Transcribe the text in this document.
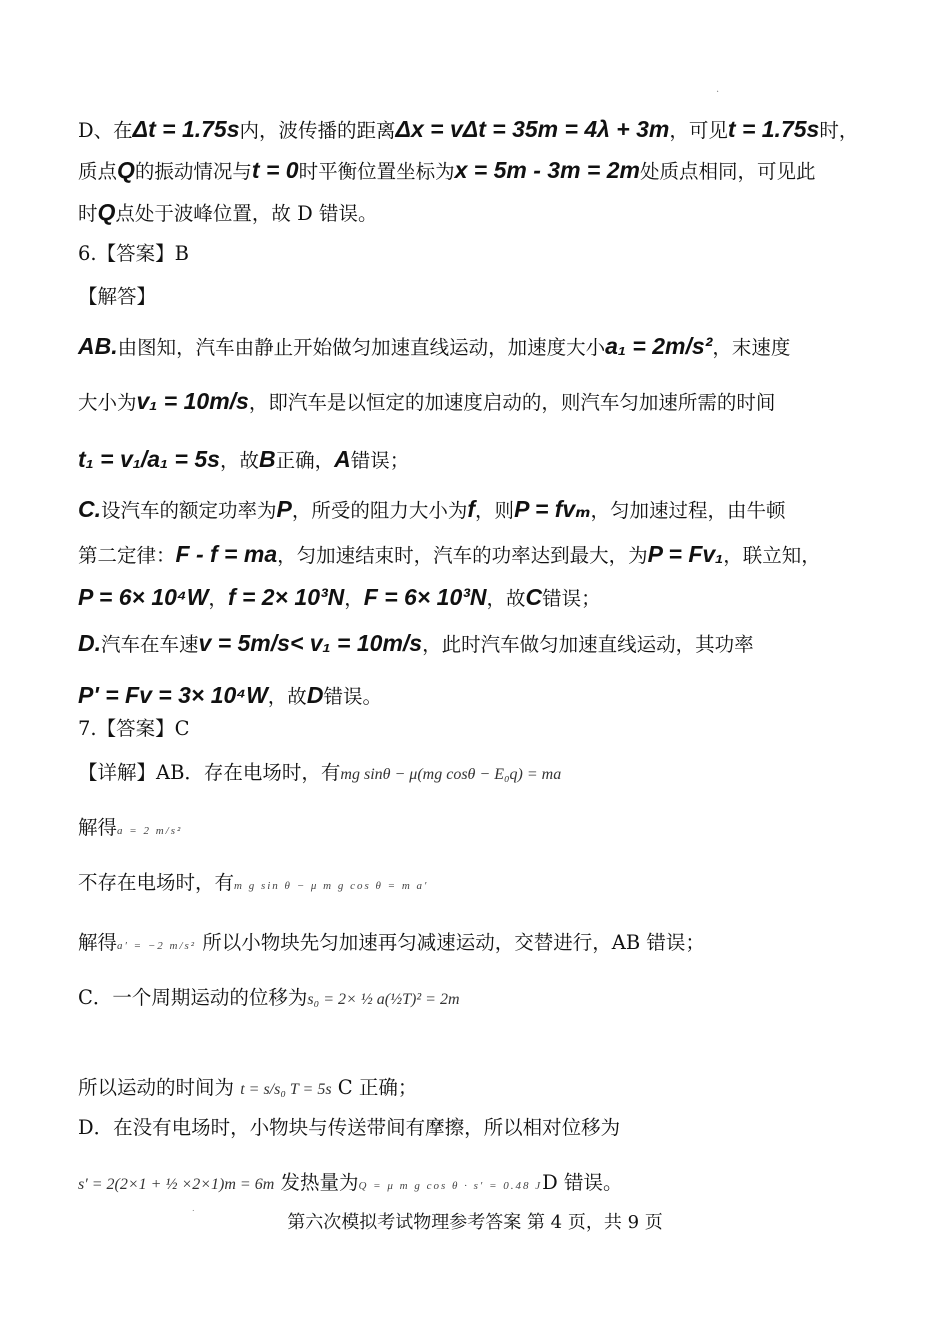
.
D、在Δt = 1.75s内，波传播的距离Δx = vΔt = 35m = 4λ + 3m，可见t = 1.75s时，
质点Q的振动情况与t = 0时平衡位置坐标为x = 5m - 3m = 2m处质点相同，可见此
时Q点处于波峰位置，故 D 错误。
6.【答案】B
【解答】
AB.由图知，汽车由静止开始做匀加速直线运动，加速度大小a₁ = 2m/s²，末速度
大小为v₁ = 10m/s，即汽车是以恒定的加速度启动的，则汽车匀加速所需的时间
t₁ = v₁/a₁ = 5s，故B正确，A错误；
C.设汽车的额定功率为P，所受的阻力大小为f，则P = fvₘ，匀加速过程，由牛顿
第二定律：F - f = ma，匀加速结束时，汽车的功率达到最大，为P = Fv₁，联立知，
P = 6× 10⁴W，f = 2× 10³N，F = 6× 10³N，故C错误；
D.汽车在车速v = 5m/s< v₁ = 10m/s，此时汽车做匀加速直线运动，其功率
P' = Fv = 3× 10⁴W，故D错误。
7.【答案】C
【详解】AB．存在电场时，有mg sinθ − μ(mg cosθ − E₀q) = ma
解得a = 2 m/s²
不存在电场时，有m g sin θ − μ m g cos θ = m a′
解得a′ = −2 m/s² 所以小物块先匀加速再匀减速运动，交替进行，AB 错误；
C．一个周期运动的位移为s₀ = 2× ½ a(½T)² = 2m
所以运动的时间为 t = s/s₀ T = 5s C 正确；
D．在没有电场时，小物块与传送带间有摩擦，所以相对位移为
s′ = 2(2×1 + ½ ×2×1)m = 6m 发热量为Q = μ m g cos θ · s′ = 0.48 JD 错误。
.
第六次模拟考试物理参考答案 第 4 页，共 9 页
